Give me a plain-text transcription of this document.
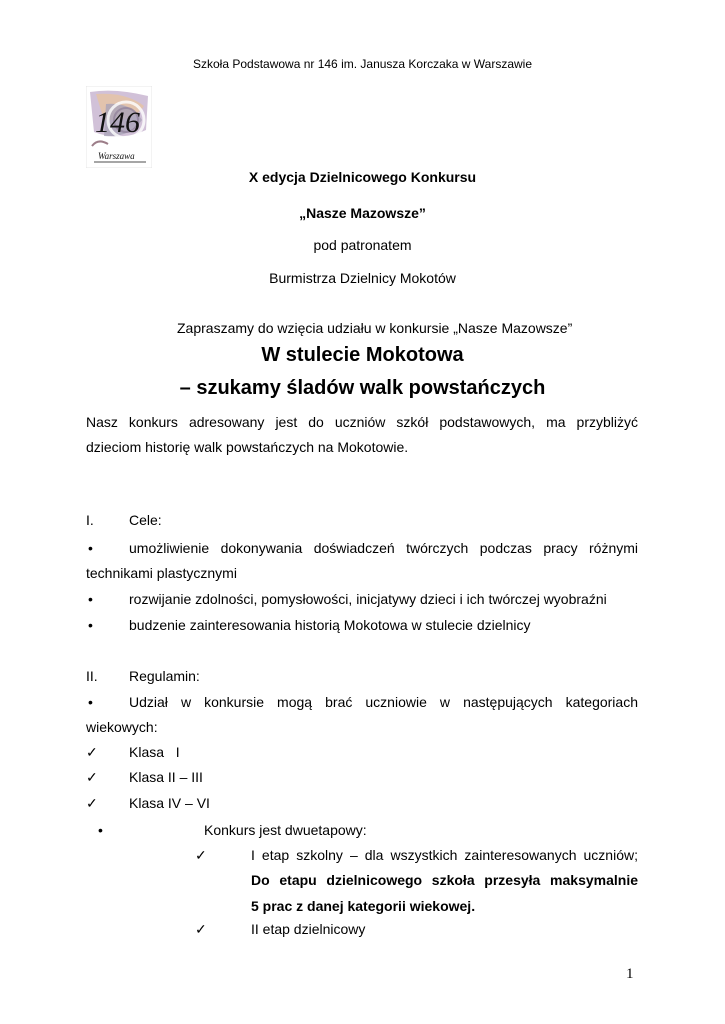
Szkoła Podstawowa nr 146 im. Janusza Korczaka w Warszawie
146
Warszawa
X edycja Dzielnicowego Konkursu
„Nasze Mazowsze”
pod patronatem
Burmistrza Dzielnicy Mokotów
Zapraszamy do wzięcia udziału w konkursie „Nasze Mazowsze”
W stulecie Mokotowa
– szukamy śladów walk powstańczych
Nasz konkurs adresowany jest do uczniów szkół podstawowych, ma przybliżyć
dzieciom historię walk powstańczych na Mokotowie.
I.	Cele:
•	umożliwienie dokonywania doświadczeń twórczych podczas pracy różnymi
technikami plastycznymi
•	rozwijanie zdolności, pomysłowości, inicjatywy dzieci i ich twórczej wyobraźni
•	budzenie zainteresowania historią Mokotowa w stulecie dzielnicy
II. Regulamin:
•	Udział w konkursie mogą brać uczniowie w następujących kategoriach
wiekowych:
✓ Klasa   I
✓ Klasa II – III
✓ Klasa IV – VI
•	Konkurs jest dwuetapowy:
✓	I etap szkolny – dla wszystkich zainteresowanych uczniów;
Do etapu dzielnicowego szkoła przesyła maksymalnie
5 prac z danej kategorii wiekowej.
✓	II etap dzielnicowy
1
